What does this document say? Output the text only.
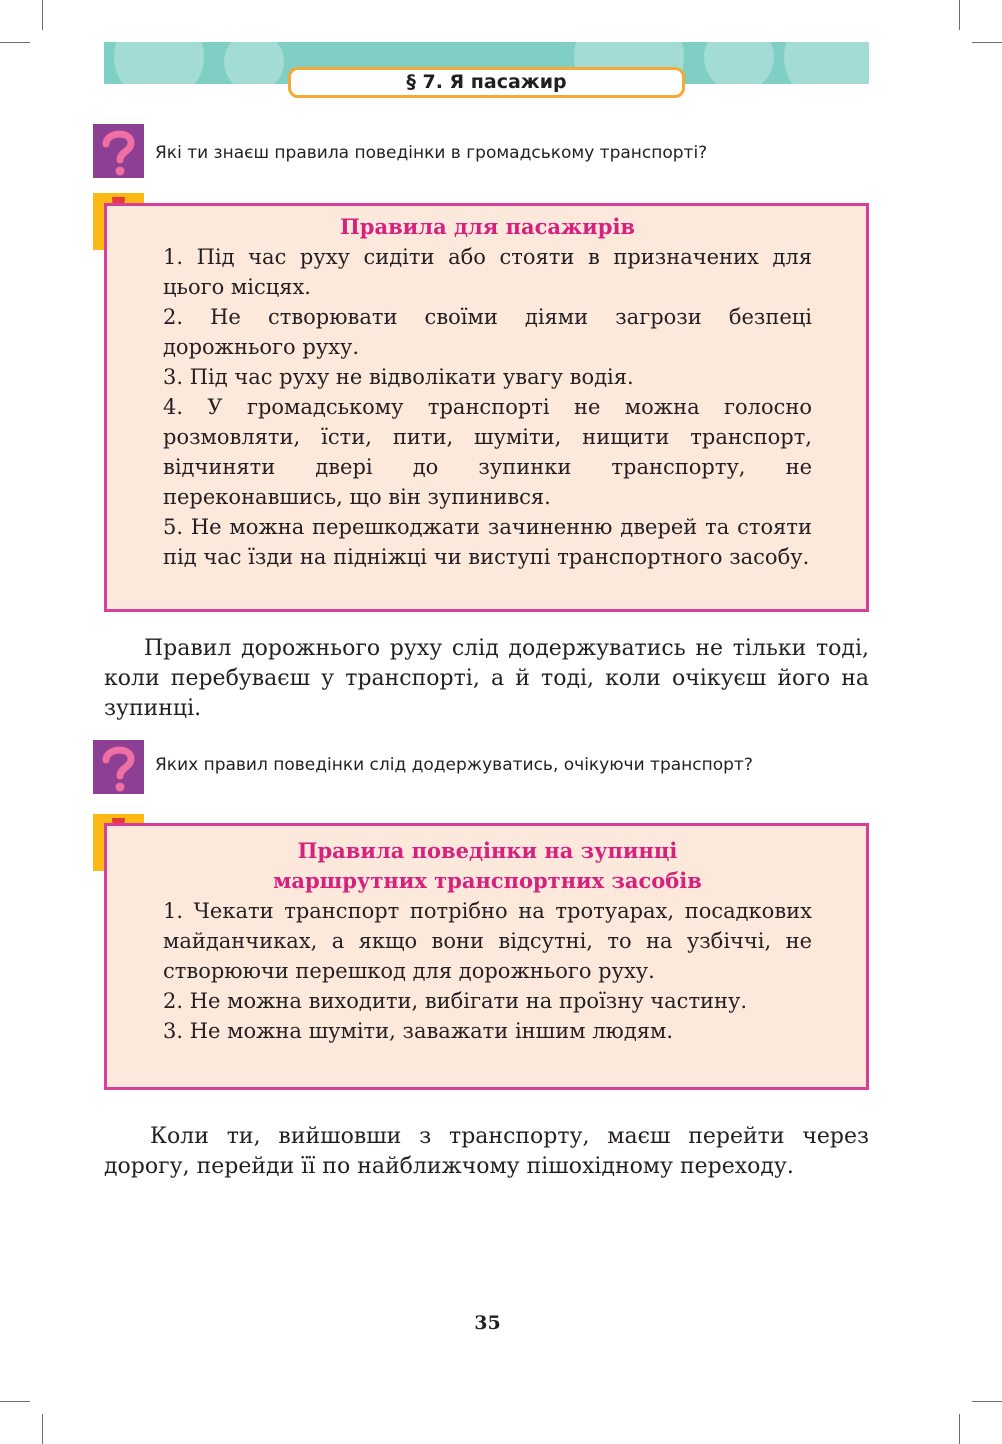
§ 7. Я пасажир
Які ти знаєш правила поведінки в громадському транспорті?
Правила для пасажирів
1. Під час руху сидіти або стояти в призначених для цього місцях.
2. Не створювати своїми діями загрози безпеці дорожнього руху.
3. Під час руху не відволікати увагу водія.
4. У громадському транспорті не можна голосно розмовляти, їсти, пити, шуміти, нищити транспорт, відчиняти двері до зупинки транспорту, не переконавшись, що він зупинився.
5. Не можна перешкоджати зачиненню дверей та стояти під час їзди на підніжці чи виступі транспортного засобу.
Правил дорожнього руху слід додержуватись не тільки тоді, коли перебуваєш у транспорті, а й тоді, коли очікуєш його на зупинці.
Яких правил поведінки слід додержуватись, очікуючи транспорт?
Правила поведінки на зупинці
маршрутних транспортних засобів
1. Чекати транспорт потрібно на тротуарах, посадкових майданчиках, а якщо вони відсутні, то на узбіччі, не створюючи перешкод для дорожнього руху.
2. Не можна виходити, вибігати на проїзну частину.
3. Не можна шуміти, заважати іншим людям.
Коли ти, вийшовши з транспорту, маєш перейти через дорогу, перейди її по найближчому пішохідному переходу.
35
